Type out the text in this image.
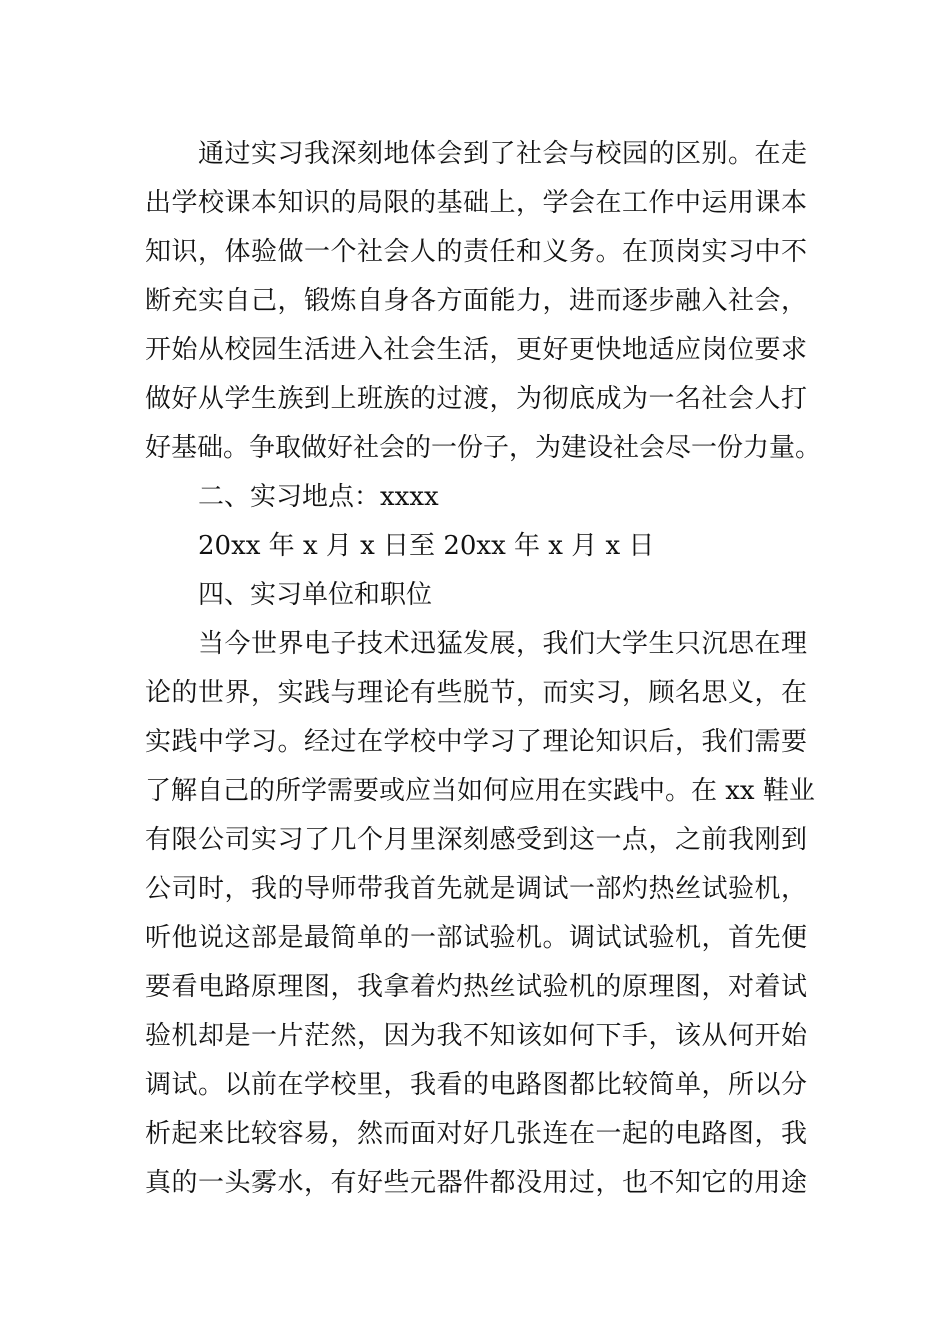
通过实习我深刻地体会到了社会与校园的区别。在走
出学校课本知识的局限的基础上，学会在工作中运用课本
知识，体验做一个社会人的责任和义务。在顶岗实习中不
断充实自己，锻炼自身各方面能力，进而逐步融入社会，
开始从校园生活进入社会生活，更好更快地适应岗位要求
做好从学生族到上班族的过渡，为彻底成为一名社会人打
好基础。争取做好社会的一份子，为建设社会尽一份力量。
二、实习地点：xxxx
20xx 年 x 月 x 日至 20xx 年 x 月 x 日
四、实习单位和职位
当今世界电子技术迅猛发展，我们大学生只沉思在理
论的世界，实践与理论有些脱节，而实习，顾名思义，在
实践中学习。经过在学校中学习了理论知识后，我们需要
了解自己的所学需要或应当如何应用在实践中。在 xx 鞋业
有限公司实习了几个月里深刻感受到这一点，之前我刚到
公司时，我的导师带我首先就是调试一部灼热丝试验机，
听他说这部是最简单的一部试验机。调试试验机，首先便
要看电路原理图，我拿着灼热丝试验机的原理图，对着试
验机却是一片茫然，因为我不知该如何下手，该从何开始
调试。以前在学校里，我看的电路图都比较简单，所以分
析起来比较容易，然而面对好几张连在一起的电路图，我
真的一头雾水，有好些元器件都没用过，也不知它的用途
